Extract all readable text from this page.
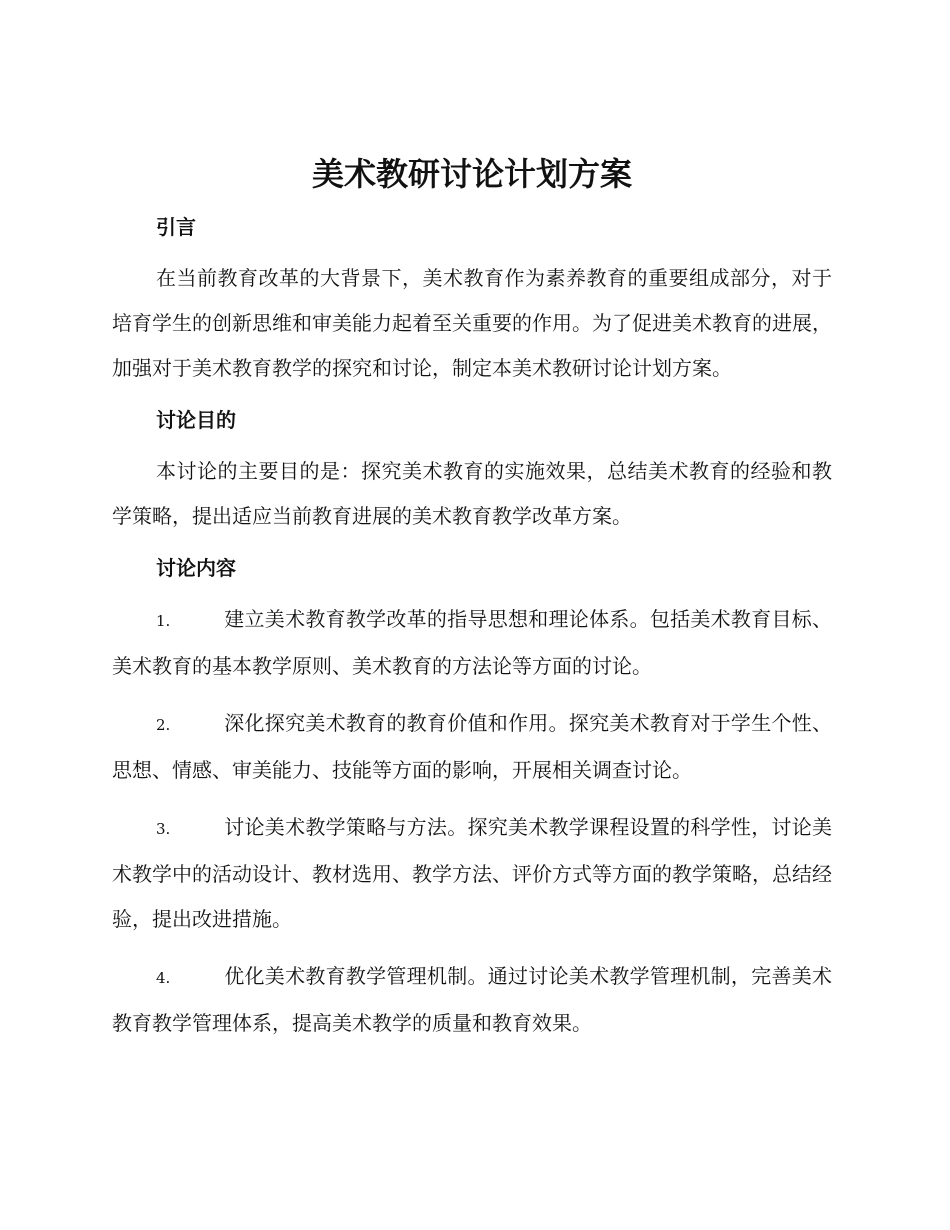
美术教研讨论计划方案
引言

在当前教育改革的大背景下，美术教育作为素养教育的重要组成部分，对于培育学生的创新思维和审美能力起着至关重要的作用。为了促进美术教育的进展，加强对于美术教育教学的探究和讨论，制定本美术教研讨论计划方案。

讨论目的

本讨论的主要目的是：探究美术教育的实施效果，总结美术教育的经验和教学策略，提出适应当前教育进展的美术教育教学改革方案。

讨论内容

1.	建立美术教育教学改革的指导思想和理论体系。包括美术教育目标、美术教育的基本教学原则、美术教育的方法论等方面的讨论。

2.	深化探究美术教育的教育价值和作用。探究美术教育对于学生个性、思想、情感、审美能力、技能等方面的影响，开展相关调查讨论。

3.	讨论美术教学策略与方法。探究美术教学课程设置的科学性，讨论美术教学中的活动设计、教材选用、教学方法、评价方式等方面的教学策略，总结经验，提出改进措施。

4.	优化美术教育教学管理机制。通过讨论美术教学管理机制，完善美术教育教学管理体系，提高美术教学的质量和教育效果。
